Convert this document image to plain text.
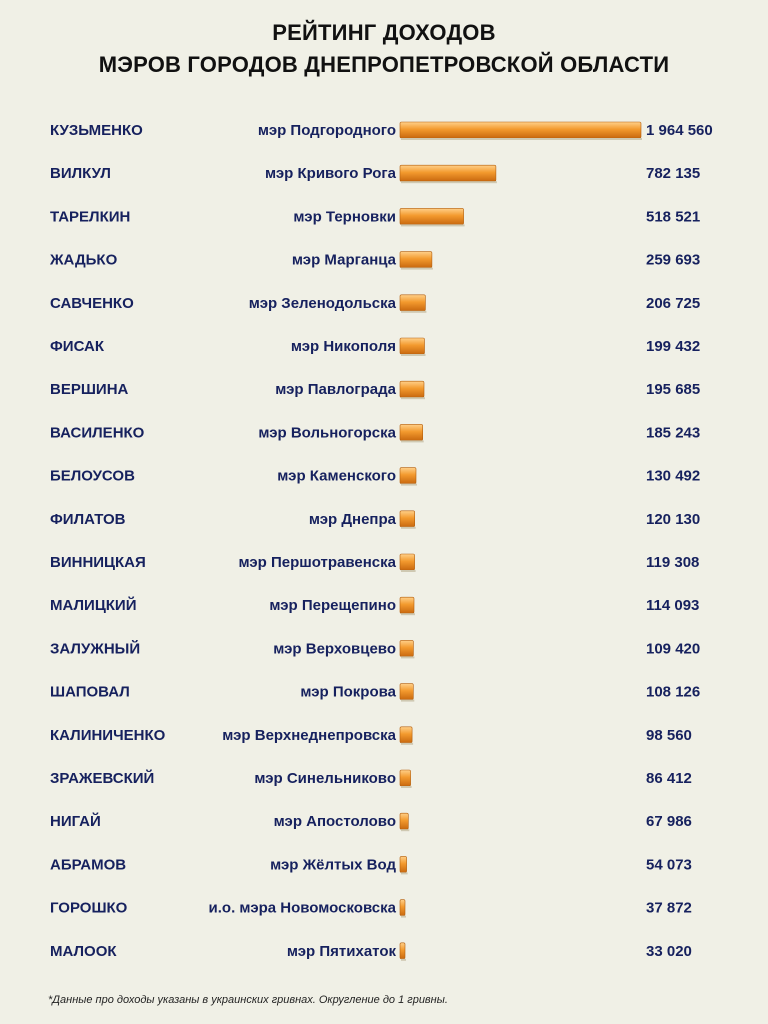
РЕЙТИНГ ДОХОДОВ
МЭРОВ ГОРОДОВ ДНЕПРОПЕТРОВСКОЙ ОБЛАСТИ
КУЗЬМЕНКО	мэр Подгородного	1 964 560
ВИЛКУЛ	мэр Кривого Рога	782 135
ТАРЕЛКИН	мэр Терновки	518 521
ЖАДЬКО	мэр Марганца	259 693
САВЧЕНКО	мэр Зеленодольска	206 725
ФИСАК	мэр Никополя	199 432
ВЕРШИНА	мэр Павлограда	195 685
ВАСИЛЕНКО	мэр Вольногорска	185 243
БЕЛОУСОВ	мэр Каменского	130 492
ФИЛАТОВ	мэр Днепра	120 130
ВИННИЦКАЯ	мэр Першотравенска	119 308
МАЛИЦКИЙ	мэр Перещепино	114 093
ЗАЛУЖНЫЙ	мэр Верховцево	109 420
ШАПОВАЛ	мэр Покрова	108 126
КАЛИНИЧЕНКО	мэр Верхнеднепровска	98 560
ЗРАЖЕВСКИЙ	мэр Синельниково	86 412
НИГАЙ	мэр Апостолово	67 986
АБРАМОВ	мэр Жёлтых Вод	54 073
ГОРОШКО	и.о. мэра Новомосковска	37 872
МАЛООК	мэр Пятихаток	33 020
*Данные про доходы указаны в украинских гривнах. Округление до 1 гривны.
